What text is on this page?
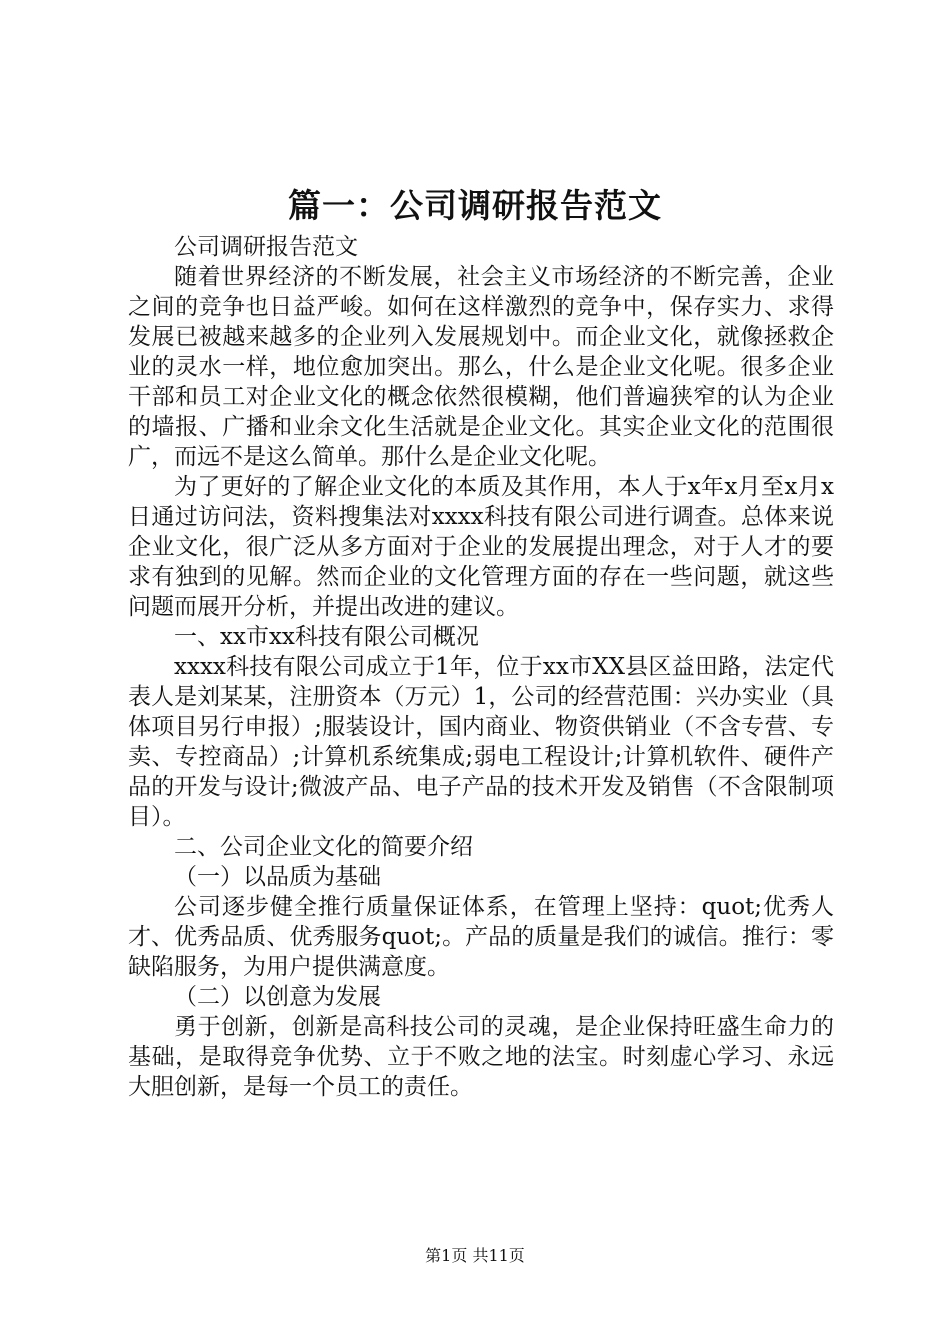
篇一：公司调研报告范文

公司调研报告范文

随着世界经济的不断发展，社会主义市场经济的不断完善，企业之间的竞争也日益严峻。如何在这样激烈的竞争中，保存实力、求得发展已被越来越多的企业列入发展规划中。而企业文化，就像拯救企业的灵水一样，地位愈加突出。那么，什么是企业文化呢。很多企业干部和员工对企业文化的概念依然很模糊，他们普遍狭窄的认为企业的墙报、广播和业余文化生活就是企业文化。其实企业文化的范围很广，而远不是这么简单。那什么是企业文化呢。

为了更好的了解企业文化的本质及其作用，本人于x年x月至x月x日通过访问法，资料搜集法对xxxx科技有限公司进行调查。总体来说企业文化，很广泛从多方面对于企业的发展提出理念，对于人才的要求有独到的见解。然而企业的文化管理方面的存在一些问题，就这些问题而展开分析，并提出改进的建议。

一、xx市xx科技有限公司概况

xxxx科技有限公司成立于1年，位于xx市XX县区益田路，法定代表人是刘某某，注册资本（万元）1，公司的经营范围：兴办实业（具体项目另行申报）;服装设计，国内商业、物资供销业（不含专营、专卖、专控商品）;计算机系统集成;弱电工程设计;计算机软件、硬件产品的开发与设计;微波产品、电子产品的技术开发及销售（不含限制项目）。

二、公司企业文化的简要介绍

（一）以品质为基础

公司逐步健全推行质量保证体系，在管理上坚持：quot;优秀人才、优秀品质、优秀服务quot;。产品的质量是我们的诚信。推行：零缺陷服务，为用户提供满意度。

（二）以创意为发展

勇于创新，创新是高科技公司的灵魂，是企业保持旺盛生命力的基础，是取得竞争优势、立于不败之地的法宝。时刻虚心学习、永远大胆创新，是每一个员工的责任。

第1页 共11页
